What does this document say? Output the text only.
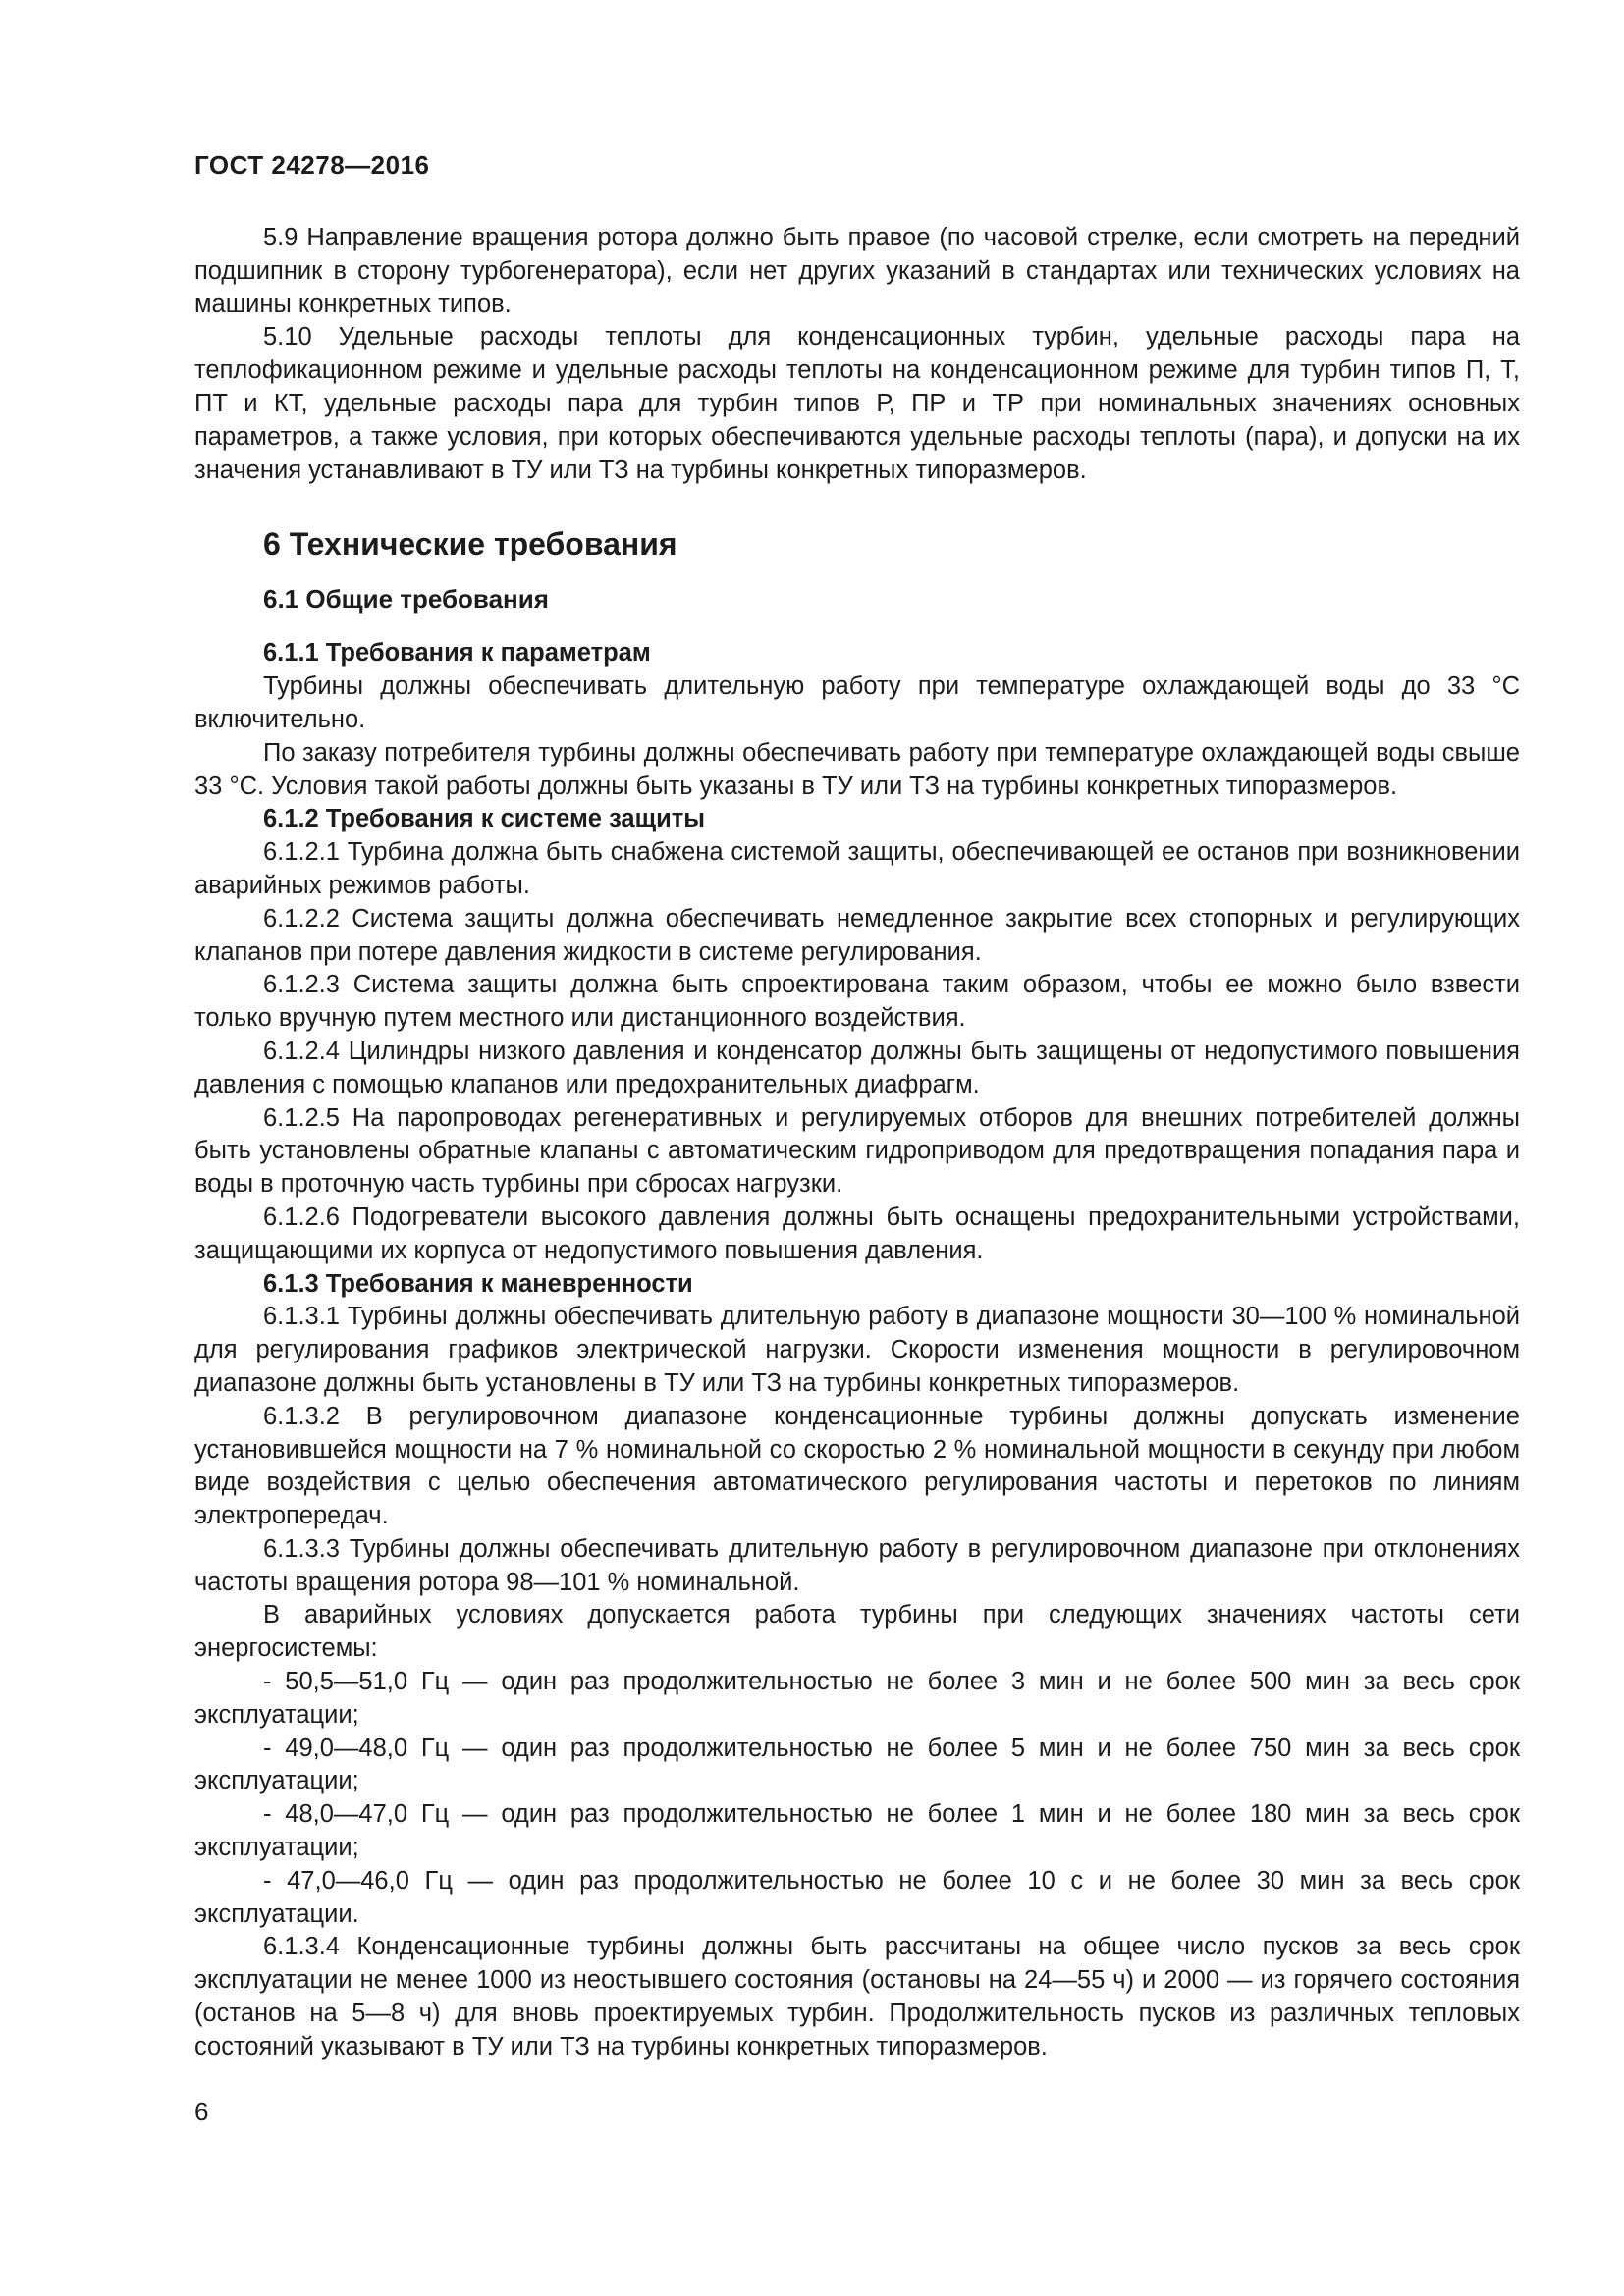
ГОСТ 24278—2016

5.9 Направление вращения ротора должно быть правое (по часовой стрелке, если смотреть на передний подшипник в сторону турбогенератора), если нет других указаний в стандартах или технических условиях на машины конкретных типов.

5.10 Удельные расходы теплоты для конденсационных турбин, удельные расходы пара на теплофикационном режиме и удельные расходы теплоты на конденсационном режиме для турбин типов П, Т, ПТ и КТ, удельные расходы пара для турбин типов Р, ПР и ТР при номинальных значениях основных параметров, а также условия, при которых обеспечиваются удельные расходы теплоты (пара), и допуски на их значения устанавливают в ТУ или ТЗ на турбины конкретных типоразмеров.

6 Технические требования
6.1 Общие требования

6.1.1 Требования к параметрам

Турбины должны обеспечивать длительную работу при температуре охлаждающей воды до 33 °С включительно.

По заказу потребителя турбины должны обеспечивать работу при температуре охлаждающей воды свыше 33 °С. Условия такой работы должны быть указаны в ТУ или ТЗ на турбины конкретных типоразмеров.

6.1.2 Требования к системе защиты

6.1.2.1 Турбина должна быть снабжена системой защиты, обеспечивающей ее останов при возникновении аварийных режимов работы.

6.1.2.2 Система защиты должна обеспечивать немедленное закрытие всех стопорных и регулирующих клапанов при потере давления жидкости в системе регулирования.

6.1.2.3 Система защиты должна быть спроектирована таким образом, чтобы ее можно было взвести только вручную путем местного или дистанционного воздействия.

6.1.2.4 Цилиндры низкого давления и конденсатор должны быть защищены от недопустимого повышения давления с помощью клапанов или предохранительных диафрагм.

6.1.2.5 На паропроводах регенеративных и регулируемых отборов для внешних потребителей должны быть установлены обратные клапаны с автоматическим гидроприводом для предотвращения попадания пара и воды в проточную часть турбины при сбросах нагрузки.

6.1.2.6 Подогреватели высокого давления должны быть оснащены предохранительными устройствами, защищающими их корпуса от недопустимого повышения давления.

6.1.3 Требования к маневренности

6.1.3.1 Турбины должны обеспечивать длительную работу в диапазоне мощности 30—100 % номинальной для регулирования графиков электрической нагрузки. Скорости изменения мощности в регулировочном диапазоне должны быть установлены в ТУ или ТЗ на турбины конкретных типоразмеров.

6.1.3.2 В регулировочном диапазоне конденсационные турбины должны допускать изменение установившейся мощности на 7 % номинальной со скоростью 2 % номинальной мощности в секунду при любом виде воздействия с целью обеспечения автоматического регулирования частоты и перетоков по линиям электропередач.

6.1.3.3 Турбины должны обеспечивать длительную работу в регулировочном диапазоне при отклонениях частоты вращения ротора 98—101 % номинальной.

В аварийных условиях допускается работа турбины при следующих значениях частоты сети энергосистемы:

- 50,5—51,0 Гц — один раз продолжительностью не более 3 мин и не более 500 мин за весь срок эксплуатации;

- 49,0—48,0 Гц — один раз продолжительностью не более 5 мин и не более 750 мин за весь срок эксплуатации;

- 48,0—47,0 Гц — один раз продолжительностью не более 1 мин и не более 180 мин за весь срок эксплуатации;

- 47,0—46,0 Гц — один раз продолжительностью не более 10 с и не более 30 мин за весь срок эксплуатации.

6.1.3.4 Конденсационные турбины должны быть рассчитаны на общее число пусков за весь срок эксплуатации не менее 1000 из неостывшего состояния (остановы на 24—55 ч) и 2000 — из горячего состояния (останов на 5—8 ч) для вновь проектируемых турбин. Продолжительность пусков из различных тепловых состояний указывают в ТУ или ТЗ на турбины конкретных типоразмеров.

6
